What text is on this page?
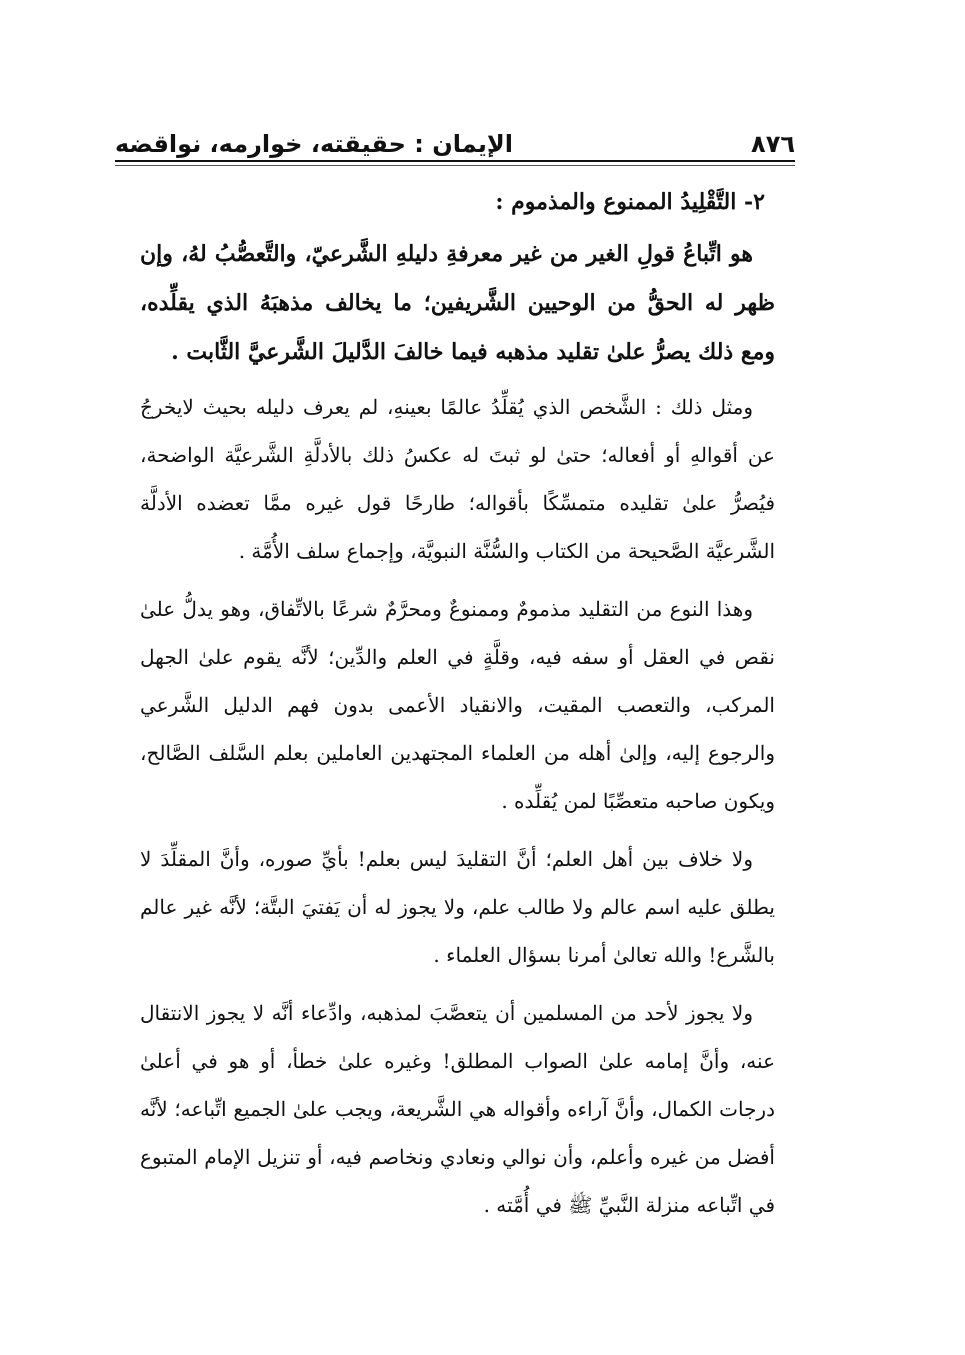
الإيمان : حقيقته، خوارمه، نواقضه	٨٧٦

٢- التَّقْلِيدُ الممنوع والمذموم :

هو اتِّباعُ قولِ الغير من غير معرفةِ دليلهِ الشَّرعيّ، والتَّعصُّبُ لهُ، وإن ظهر له الحقُّ من الوحيين الشَّريفين؛ ما يخالف مذهبَهُ الذي يقلِّده، ومع ذلك يصرُّ علىٰ تقليد مذهبه فيما خالفَ الدَّليلَ الشَّرعيَّ الثَّابت .

ومثل ذلك : الشَّخص الذي يُقلِّدُ عالمًا بعينهِ، لم يعرف دليله بحيث لايخرجُ عن أقوالهِ أو أفعاله؛ حتىٰ لو ثبتَ له عكسُ ذلك بالأدلَّةِ الشَّرعيَّة الواضحة، فيُصرُّ علىٰ تقليده متمسِّكًا بأقواله؛ طارحًا قول غيره ممَّا تعضده الأدلَّة الشَّرعيَّة الصَّحيحة من الكتاب والسُّنَّة النبويَّة، وإجماع سلف الأُمَّة .

وهذا النوع من التقليد مذمومٌ وممنوعٌ ومحرَّمٌ شرعًا بالاتِّفاق، وهو يدلُّ علىٰ نقص في العقل أو سفه فيه، وقلَّةٍ في العلم والدِّين؛ لأنَّه يقوم علىٰ الجهل المركب، والتعصب المقيت، والانقياد الأعمى بدون فهم الدليل الشَّرعي والرجوع إليه، وإلىٰ أهله من العلماء المجتهدين العاملين بعلم السَّلف الصَّالح، ويكون صاحبه متعصِّبًا لمن يُقلِّده .

ولا خلاف بين أهل العلم؛ أنَّ التقليدَ ليس بعلم! بأيِّ صوره، وأنَّ المقلِّدَ لا يطلق عليه اسم عالم ولا طالب علم، ولا يجوز له أن يَفتيَ البتَّة؛ لأنَّه غير عالم بالشَّرع! والله تعالىٰ أمرنا بسؤال العلماء .

ولا يجوز لأحد من المسلمين أن يتعصَّبَ لمذهبه، وادِّعاء أنَّه لا يجوز الانتقال عنه، وأنَّ إمامه علىٰ الصواب المطلق! وغيره علىٰ خطأ، أو هو في أعلىٰ درجات الكمال، وأنَّ آراءه وأقواله هي الشَّريعة، ويجب علىٰ الجميع اتِّباعه؛ لأنَّه أفضل من غيره وأعلم، وأن نوالي ونعادي ونخاصم فيه، أو تنزيل الإمام المتبوع في اتِّباعه منزلة النَّبيِّ ﷺ في أُمَّته .
